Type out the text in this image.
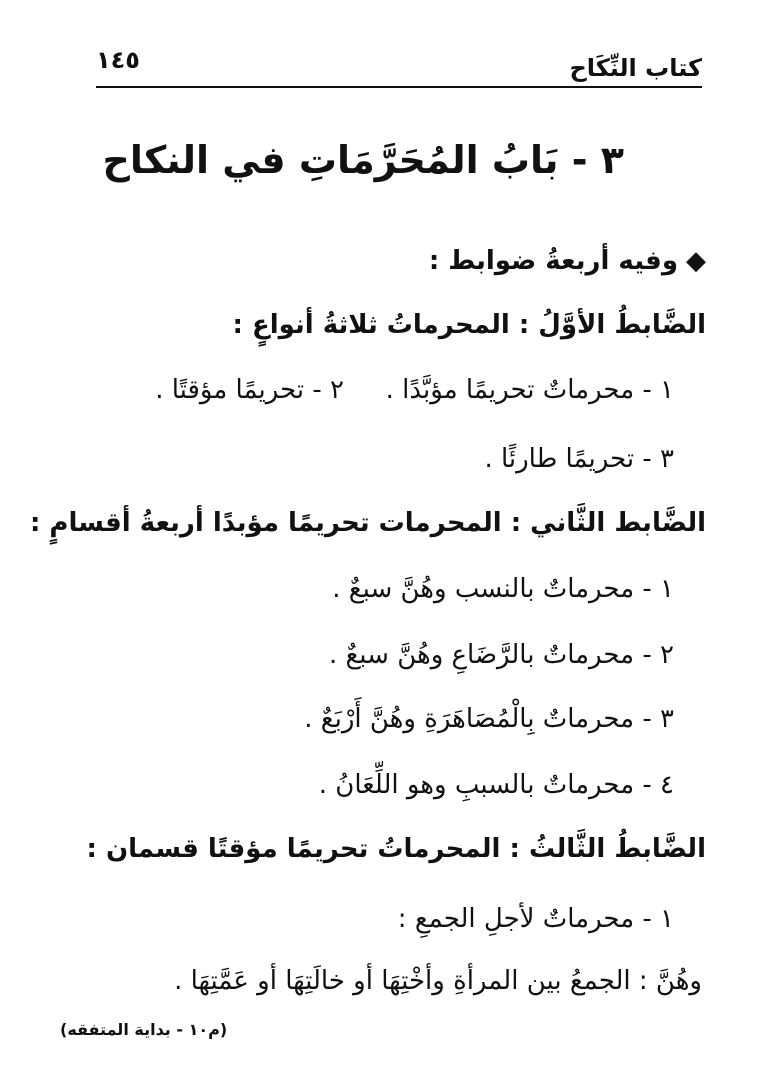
١٤٥	كتاب النِّكَاح
٣ - بَابُ المُحَرَّمَاتِ في النكاح
◆وفيه أربعةُ ضوابط :
الضَّابطُ الأوَّلُ : المحرماتُ ثلاثةُ أنواعٍ :
١ - محرماتٌ تحريمًا مؤبَّدًا .
٢ - تحريمًا مؤقتًا .
٣ - تحريمًا طارئًا .
الضَّابط الثَّاني : المحرمات تحريمًا مؤبدًا أربعةُ أقسامٍ :
١ - محرماتٌ بالنسب وهُنَّ سبعٌ .
٢ - محرماتٌ بالرَّضَاعِ وهُنَّ سبعٌ .
٣ - محرماتٌ بِالْمُصَاهَرَةِ وهُنَّ أَرْبَعٌ .
٤ - محرماتٌ بالسببِ وهو اللِّعَانُ .
الضَّابطُ الثَّالثُ : المحرماتُ تحريمًا مؤقتًا قسمان :
١ - محرماتٌ لأجلِ الجمعِ :
وهُنَّ : الجمعُ بين المرأةِ وأخْتِهَا أو خالَتِهَا أو عَمَّتِهَا .
(م١٠ - بداية المتفقه)
